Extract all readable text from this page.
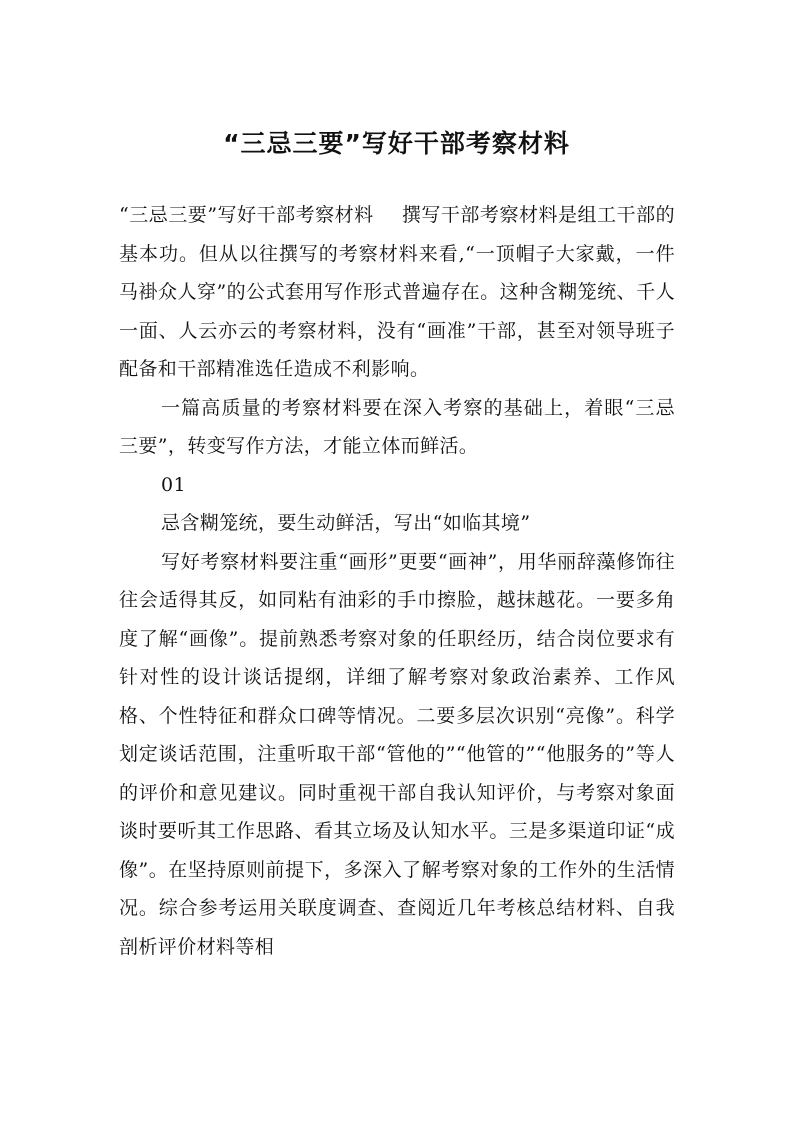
“三忌三要”写好干部考察材料

“三忌三要”写好干部考察材料 撰写干部考察材料是组工干部的基本功。但从以往撰写的考察材料来看,“一顶帽子大家戴，一件马褂众人穿”的公式套用写作形式普遍存在。这种含糊笼统、千人一面、人云亦云的考察材料，没有“画准”干部，甚至对领导班子配备和干部精准选任造成不利影响。

一篇高质量的考察材料要在深入考察的基础上，着眼“三忌三要”，转变写作方法，才能立体而鲜活。

01

忌含糊笼统，要生动鲜活，写出“如临其境”

写好考察材料要注重“画形”更要“画神”，用华丽辞藻修饰往往会适得其反，如同粘有油彩的手巾擦脸，越抹越花。一要多角度了解“画像”。提前熟悉考察对象的任职经历，结合岗位要求有针对性的设计谈话提纲，详细了解考察对象政治素养、工作风格、个性特征和群众口碑等情况。二要多层次识别“亮像”。科学划定谈话范围，注重听取干部“管他的”“他管的”“他服务的”等人的评价和意见建议。同时重视干部自我认知评价，与考察对象面谈时要听其工作思路、看其立场及认知水平。三是多渠道印证“成像”。在坚持原则前提下，多深入了解考察对象的工作外的生活情况。综合参考运用关联度调查、查阅近几年考核总结材料、自我剖析评价材料等相
